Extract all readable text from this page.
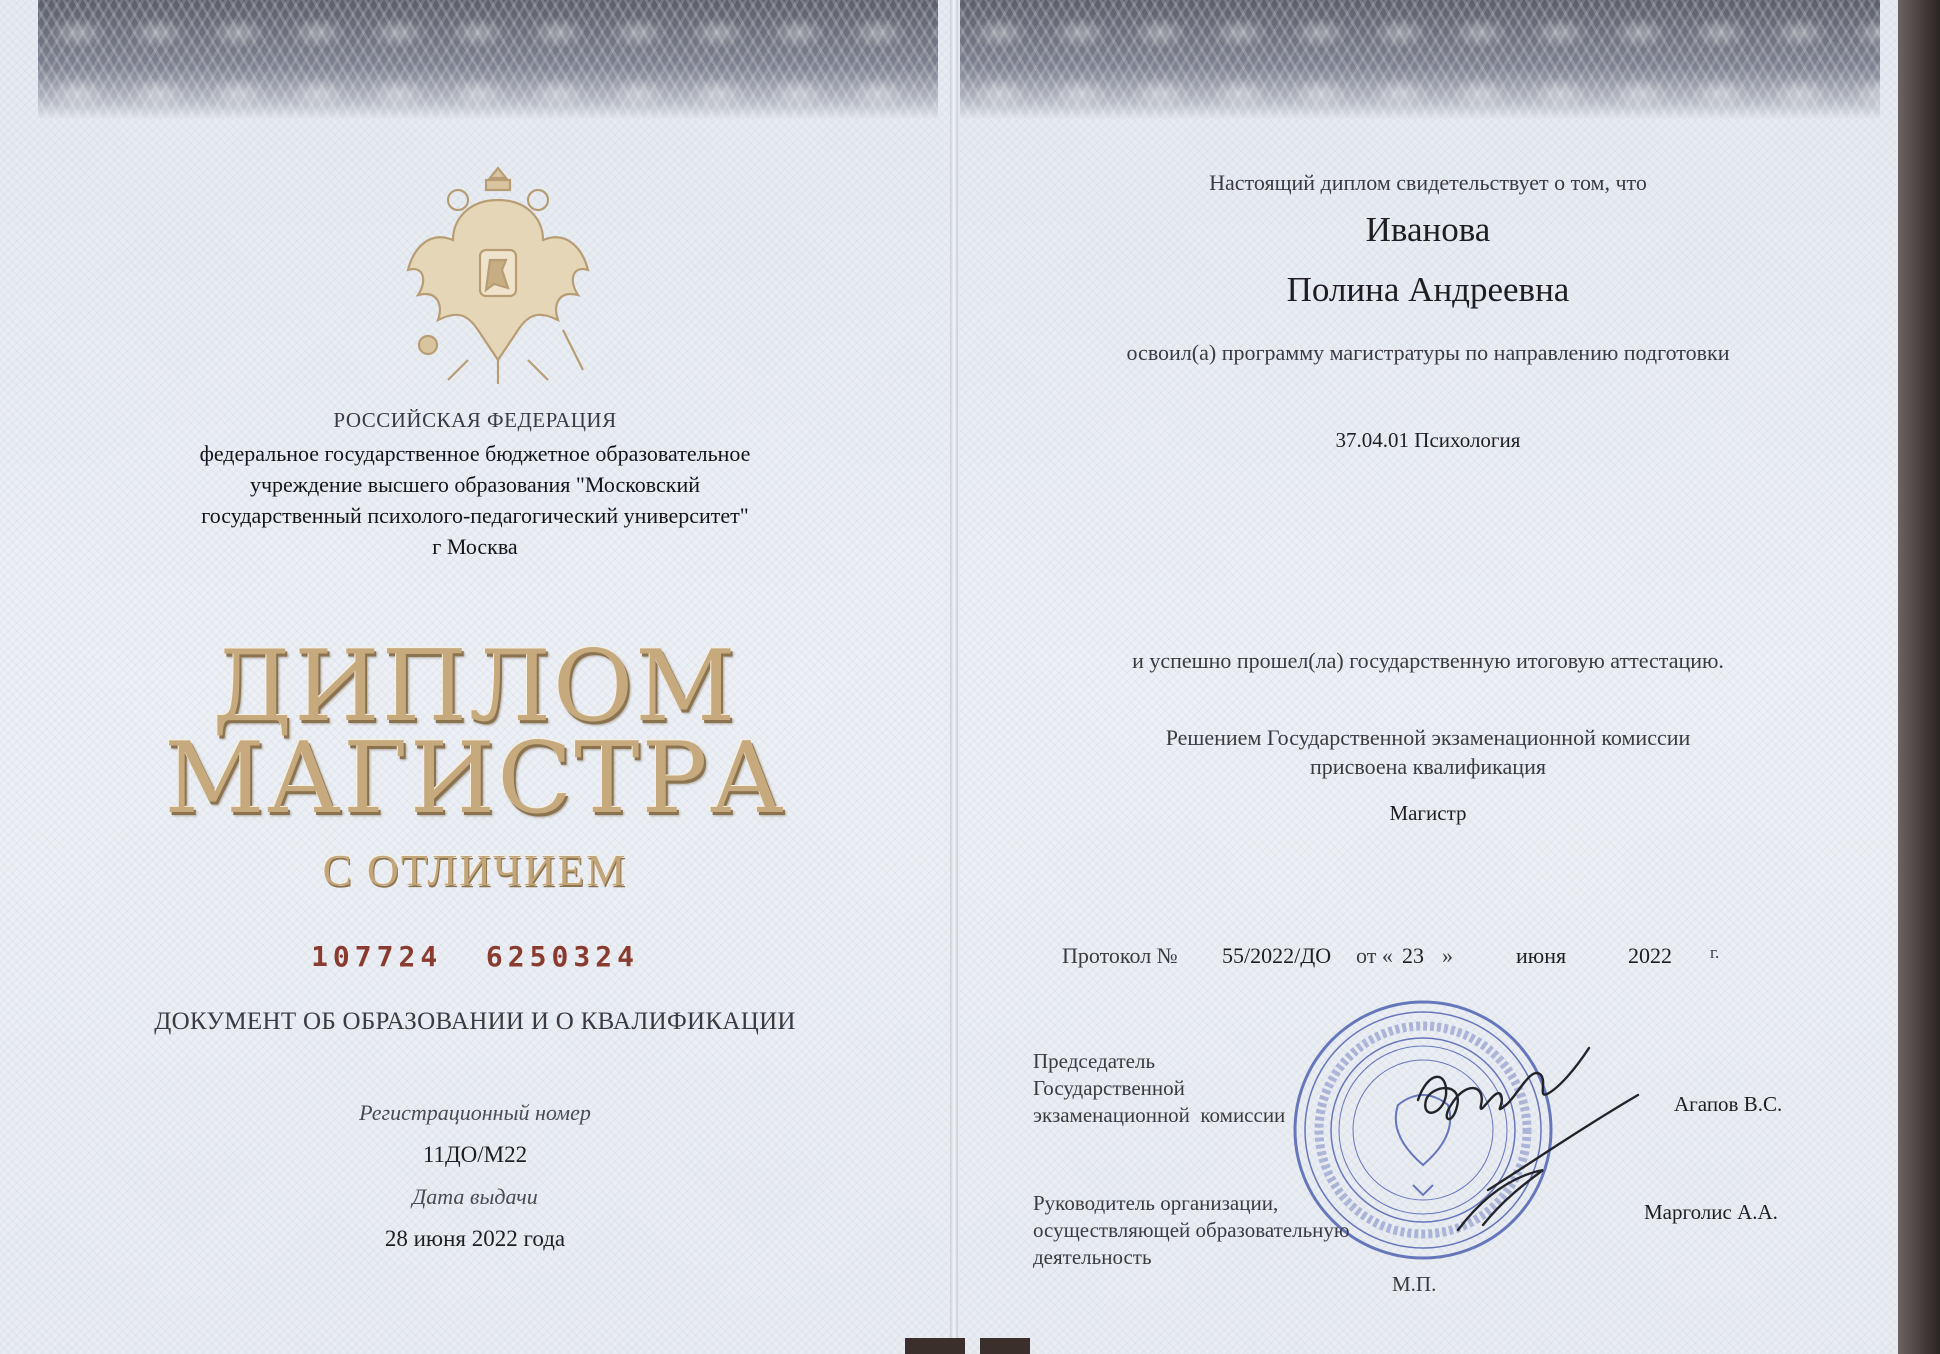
РОССИЙСКАЯ ФЕДЕРАЦИЯ
федеральное государственное бюджетное образовательное
учреждение высшего образования "Московский
государственный психолого-педагогический университет"
г Москва
ДИПЛОМ
МАГИСТРА
С ОТЛИЧИЕМ
107724  6250324
ДОКУМЕНТ ОБ ОБРАЗОВАНИИ И О КВАЛИФИКАЦИИ
Регистрационный номер
11ДО/М22
Дата выдачи
28 июня 2022 года
Настоящий диплом свидетельствует о том, что
Иванова
Полина Андреевна
освоил(а) программу магистратуры по направлению подготовки
37.04.01 Психология
и успешно прошел(ла) государственную итоговую аттестацию.
Решением Государственной экзаменационной комиссии
присвоена квалификация
Магистр
Протокол № 55/2022/ДО от « 23 »	июня	2022 г.
Председатель
Государственной
экзаменационной  комиссии	Агапов В.С.
Руководитель организации,
осуществляющей образовательную
деятельность
Марголис А.А.
М.П.
